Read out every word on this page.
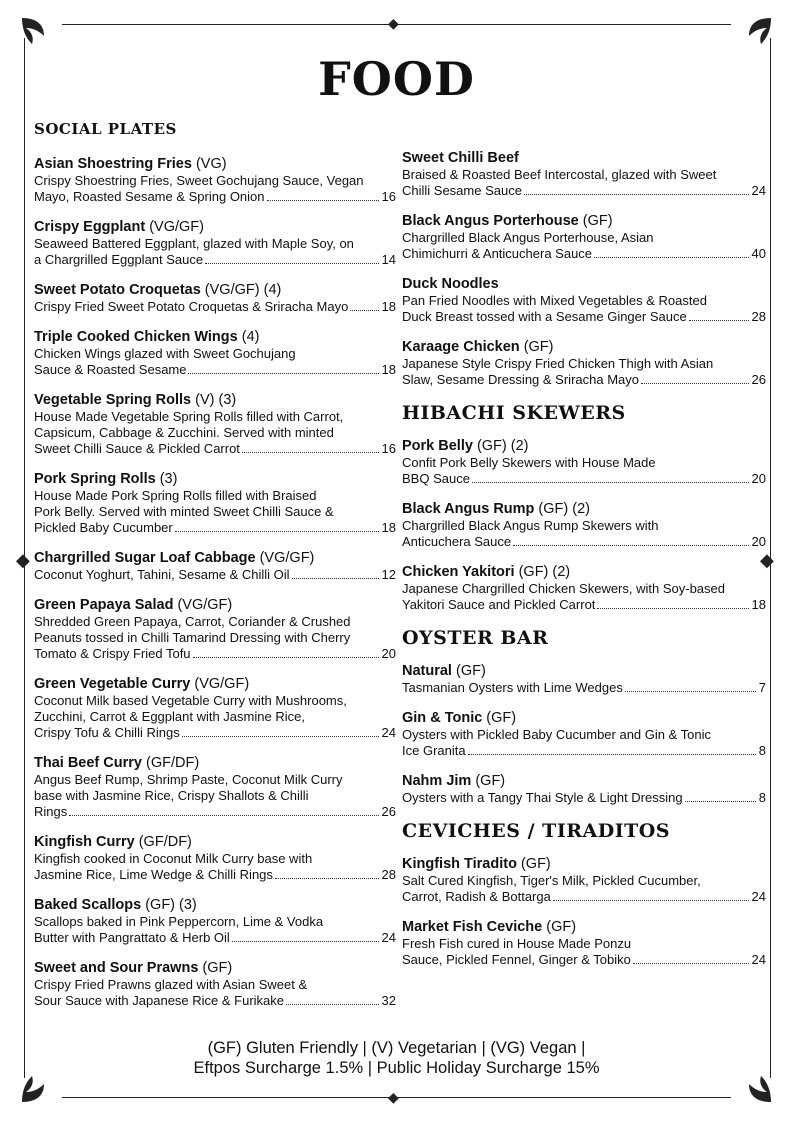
◆	◆
◆
◆
FOOD
SOCIAL PLATES
Asian Shoestring Fries (VG)
Crispy Shoestring Fries, Sweet Gochujang Sauce, Vegan
Mayo, Roasted Sesame & Spring Onion	16
Crispy Eggplant (VG/GF)
Seaweed Battered Eggplant, glazed with Maple Soy, on
a Chargrilled Eggplant Sauce	14
Sweet Potato Croquetas (VG/GF) (4)
Crispy Fried Sweet Potato Croquetas & Sriracha Mayo	18
Triple Cooked Chicken Wings (4)
Chicken Wings glazed with Sweet Gochujang
Sauce & Roasted Sesame	18
Vegetable Spring Rolls (V) (3)
House Made Vegetable Spring Rolls filled with Carrot,
Capsicum, Cabbage & Zucchini. Served with minted
Sweet Chilli Sauce & Pickled Carrot	16
Pork Spring Rolls (3)
House Made Pork Spring Rolls filled with Braised
Pork Belly. Served with minted Sweet Chilli Sauce &
Pickled Baby Cucumber	18
Chargrilled Sugar Loaf Cabbage (VG/GF)
Coconut Yoghurt, Tahini, Sesame & Chilli Oil	12
Green Papaya Salad (VG/GF)
Shredded Green Papaya, Carrot, Coriander & Crushed
Peanuts tossed in Chilli Tamarind Dressing with Cherry
Tomato & Crispy Fried Tofu	20
Green Vegetable Curry (VG/GF)
Coconut Milk based Vegetable Curry with Mushrooms,
Zucchini, Carrot & Eggplant with Jasmine Rice,
Crispy Tofu & Chilli Rings	24
Thai Beef Curry (GF/DF)
Angus Beef Rump, Shrimp Paste, Coconut Milk Curry
base with Jasmine Rice, Crispy Shallots & Chilli
Rings	26
Kingfish Curry (GF/DF)
Kingfish cooked in Coconut Milk Curry base with
Jasmine Rice, Lime Wedge & Chilli Rings	28
Baked Scallops (GF) (3)
Scallops baked in Pink Peppercorn, Lime & Vodka
Butter with Pangrattato & Herb Oil	24
Sweet and Sour Prawns (GF)
Crispy Fried Prawns glazed with Asian Sweet &
Sour Sauce with Japanese Rice & Furikake	32
Sweet Chilli Beef
Braised & Roasted Beef Intercostal, glazed with Sweet
Chilli Sesame Sauce	24
Black Angus Porterhouse (GF)
Chargrilled Black Angus Porterhouse, Asian
Chimichurri & Anticuchera Sauce	40
Duck Noodles
Pan Fried Noodles with Mixed Vegetables & Roasted
Duck Breast tossed with a Sesame Ginger Sauce	28
Karaage Chicken (GF)
Japanese Style Crispy Fried Chicken Thigh with Asian
Slaw, Sesame Dressing & Sriracha Mayo	26
HIBACHI SKEWERS
Pork Belly (GF) (2)
Confit Pork Belly Skewers with House Made
BBQ Sauce	20
Black Angus Rump (GF) (2)
Chargrilled Black Angus Rump Skewers with
Anticuchera Sauce	20
Chicken Yakitori (GF) (2)
Japanese Chargrilled Chicken Skewers, with Soy-based
Yakitori Sauce and Pickled Carrot	18
OYSTER BAR
Natural (GF)
Tasmanian Oysters with Lime Wedges	7
Gin & Tonic (GF)
Oysters with Pickled Baby Cucumber and Gin & Tonic
Ice Granita	8
Nahm Jim (GF)
Oysters with a Tangy Thai Style & Light Dressing	8
CEVICHES / TIRADITOS
Kingfish Tiradito (GF)
Salt Cured Kingfish, Tiger's Milk, Pickled Cucumber,
Carrot, Radish & Bottarga	24
Market Fish Ceviche (GF)
Fresh Fish cured in House Made Ponzu
Sauce, Pickled Fennel, Ginger & Tobiko	24
(GF) Gluten Friendly | (V) Vegetarian | (VG) Vegan |
Eftpos Surcharge 1.5% | Public Holiday Surcharge 15%
